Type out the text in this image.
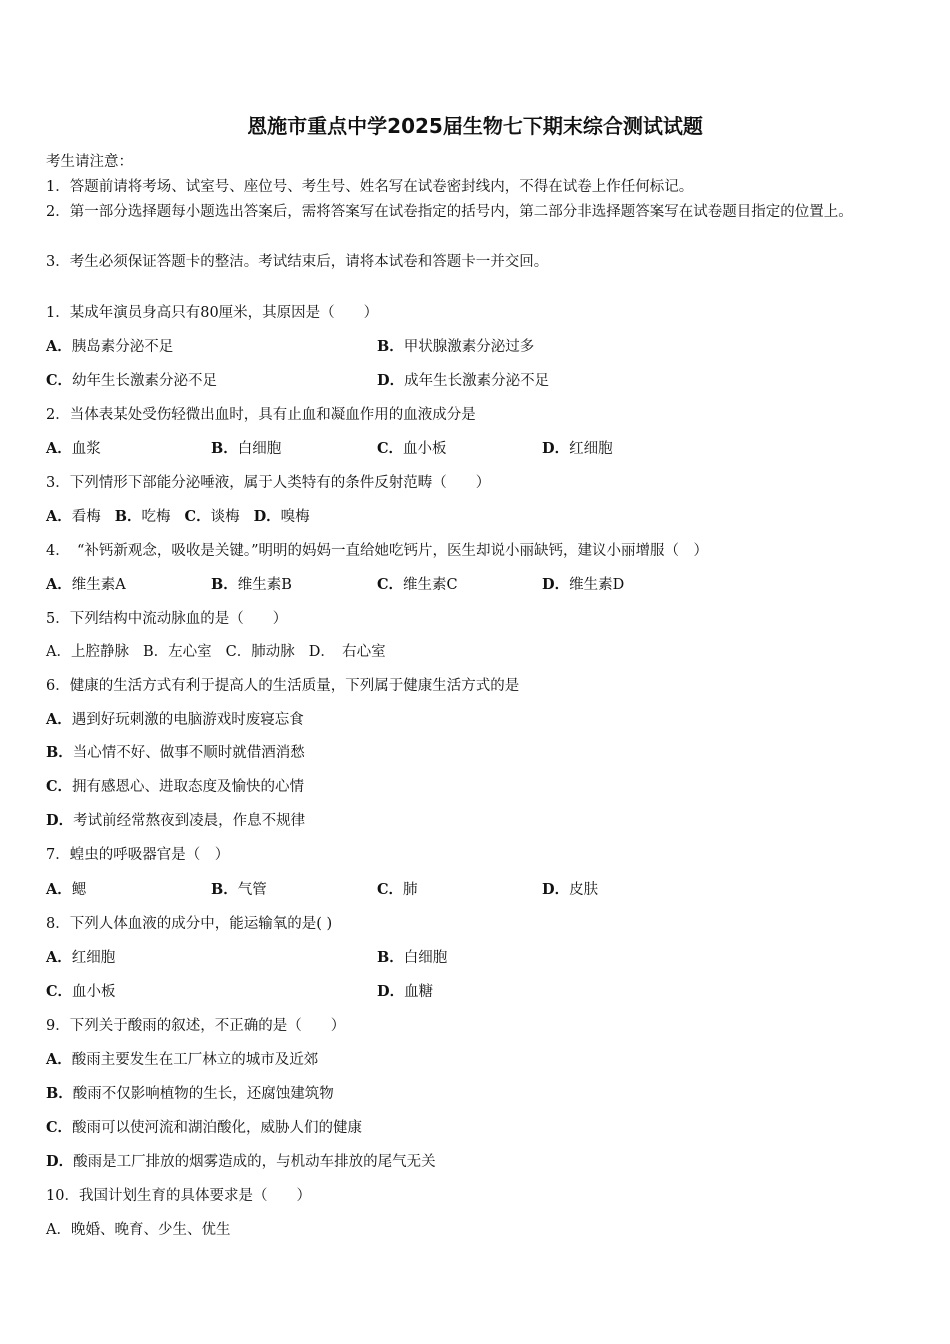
恩施市重点中学2025届生物七下期末综合测试试题
考生请注意：
1．答题前请将考场、试室号、座位号、考生号、姓名写在试卷密封线内，不得在试卷上作任何标记。
2．第一部分选择题每小题选出答案后，需将答案写在试卷指定的括号内，第二部分非选择题答案写在试卷题目指定的位置上。
3．考生必须保证答题卡的整洁。考试结束后，请将本试卷和答题卡一并交回。
1．某成年演员身高只有80厘米，其原因是（　　）
A．胰岛素分泌不足	B．甲状腺激素分泌过多
C．幼年生长激素分泌不足	D．成年生长激素分泌不足
2．当体表某处受伤轻微出血时，具有止血和凝血作用的血液成分是
A．血浆	B．白细胞	C．血小板	D．红细胞
3．下列情形下部能分泌唾液，属于人类特有的条件反射范畴（　　）
A．看梅 B．吃梅 C．谈梅 D．嗅梅
4．　“补钙新观念，吸收是关键。”明明的妈妈一直给她吃钙片，医生却说小丽缺钙，建议小丽增服（　）
A．维生素A	B．维生素B	C．维生素C	D．维生素D
5．下列结构中流动脉血的是（　　）
A．上腔静脉 B．左心室 C．肺动脉 D．　右心室
6．健康的生活方式有利于提高人的生活质量，下列属于健康生活方式的是
A．遇到好玩刺激的电脑游戏时废寝忘食
B．当心情不好、做事不顺时就借酒消愁
C．拥有感恩心、进取态度及愉快的心情
D．考试前经常熬夜到凌晨，作息不规律
7．蝗虫的呼吸器官是（　）
A．鳃	B．气管	C．肺	D．皮肤
8．下列人体血液的成分中，能运输氧的是( )
A．红细胞	B．白细胞
C．血小板	D．血糖
9．下列关于酸雨的叙述，不正确的是（　　）
A．酸雨主要发生在工厂林立的城市及近郊
B．酸雨不仅影响植物的生长，还腐蚀建筑物
C．酸雨可以使河流和湖泊酸化，威胁人们的健康
D．酸雨是工厂排放的烟雾造成的，与机动车排放的尾气无关
10．我国计划生育的具体要求是（　　）
A．晚婚、晚育、少生、优生
